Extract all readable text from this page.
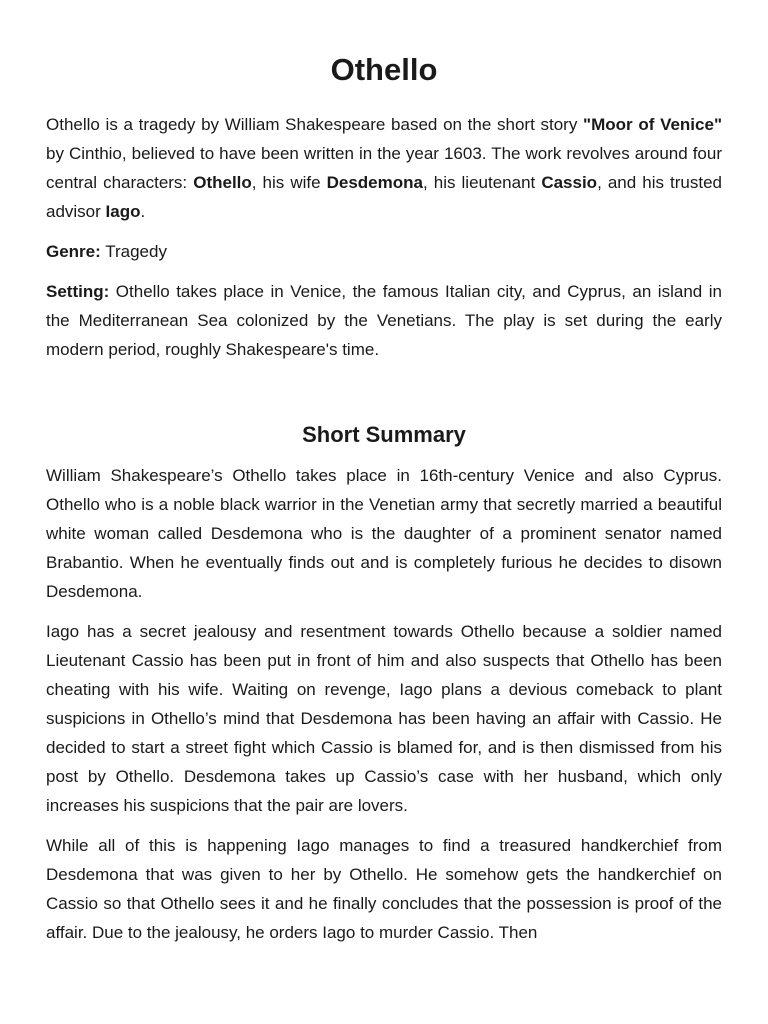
Othello

Othello is a tragedy by William Shakespeare based on the short story "Moor of Venice" by Cinthio, believed to have been written in the year 1603. The work revolves around four central characters: Othello, his wife Desdemona, his lieutenant Cassio, and his trusted advisor Iago.

Genre: Tragedy

Setting: Othello takes place in Venice, the famous Italian city, and Cyprus, an island in the Mediterranean Sea colonized by the Venetians. The play is set during the early modern period, roughly Shakespeare's time.

Short Summary

William Shakespeare’s Othello takes place in 16th-century Venice and also Cyprus. Othello who is a noble black warrior in the Venetian army that secretly married a beautiful white woman called Desdemona who is the daughter of a prominent senator named Brabantio. When he eventually finds out and is completely furious he decides to disown Desdemona.

Iago has a secret jealousy and resentment towards Othello because a soldier named Lieutenant Cassio has been put in front of him and also suspects that Othello has been cheating with his wife. Waiting on revenge, Iago plans a devious comeback to plant suspicions in Othello’s mind that Desdemona has been having an affair with Cassio. He decided to start a street fight which Cassio is blamed for, and is then dismissed from his post by Othello. Desdemona takes up Cassio’s case with her husband, which only increases his suspicions that the pair are lovers.

While all of this is happening Iago manages to find a treasured handkerchief from Desdemona that was given to her by Othello. He somehow gets the handkerchief on Cassio so that Othello sees it and he finally concludes that the possession is proof of the affair. Due to the jealousy, he orders Iago to murder Cassio. Then
